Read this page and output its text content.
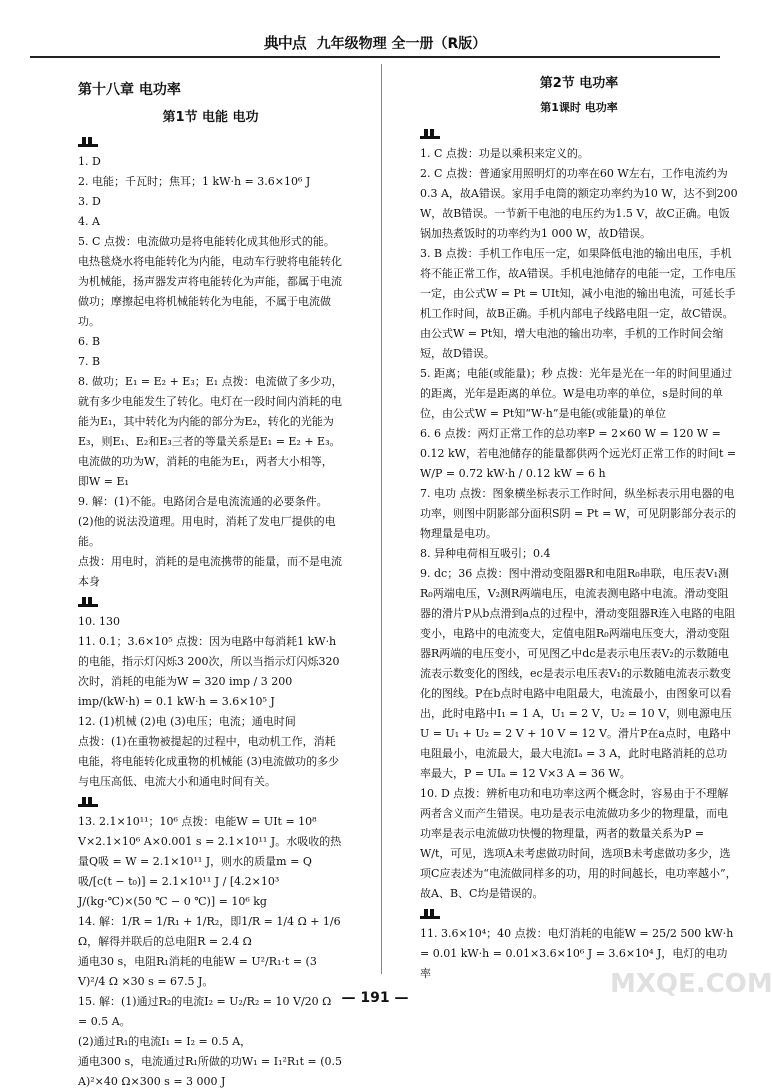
典中点 九年级物理 全一册（R版）
第十八章 电功率
第1节 电能 电功
1. D
2. 电能；千瓦时；焦耳；1 kW·h = 3.6×10⁶ J
3. D
4. A
5. C 点拨：电流做功是将电能转化成其他形式的能。电热毯烧水将电能转化为内能，电动车行驶将电能转化为机械能，扬声器发声将电能转化为声能，都属于电流做功；摩擦起电将机械能转化为电能，不属于电流做功。
6. B
7. B
8. 做功；E₁ = E₂ + E₃；E₁ 点拨：电流做了多少功，就有多少电能发生了转化。电灯在一段时间内消耗的电能为E₁，其中转化为内能的部分为E₂，转化的光能为E₃，则E₁、E₂和E₃三者的等量关系是E₁ = E₂ + E₃。电流做的功为W，消耗的电能为E₁，两者大小相等，即W = E₁
9. 解：(1)不能。电路闭合是电流流通的必要条件。
(2)他的说法没道理。用电时，消耗了发电厂提供的电能。
点拨：用电时，消耗的是电流携带的能量，而不是电流本身
10. 130
11. 0.1；3.6×10⁵ 点拨：因为电路中每消耗1 kW·h的电能，指示灯闪烁3 200次，所以当指示灯闪烁320次时，消耗的电能为W = 320 imp / 3 200 imp/(kW·h) = 0.1 kW·h = 3.6×10⁵ J
12. (1)机械 (2)电 (3)电压；电流；通电时间
点拨：(1)在重物被提起的过程中，电动机工作，消耗电能，将电能转化成重物的机械能 (3)电流做功的多少与电压高低、电流大小和通电时间有关。
13. 2.1×10¹¹；10⁶ 点拨：电能W = UIt = 10⁸ V×2.1×10⁶ A×0.001 s = 2.1×10¹¹ J。水吸收的热量Q吸 = W = 2.1×10¹¹ J，则水的质量m = Q吸/[c(t − t₀)] = 2.1×10¹¹ J / [4.2×10³ J/(kg·℃)×(50 ℃ − 0 ℃)] = 10⁶ kg
14. 解：1/R = 1/R₁ + 1/R₂，即1/R = 1/4 Ω + 1/6 Ω，解得并联后的总电阻R = 2.4 Ω
通电30 s，电阻R₁消耗的电能W = U²/R₁·t = (3 V)²/4 Ω ×30 s = 67.5 J。
15. 解：(1)通过R₂的电流I₂ = U₂/R₂ = 10 V/20 Ω = 0.5 A。
(2)通过R₁的电流I₁ = I₂ = 0.5 A，
通电300 s，电流通过R₁所做的功W₁ = I₁²R₁t = (0.5 A)²×40 Ω×300 s = 3 000 J
第2节 电功率
第1课时 电功率
1. C 点拨：功是以乘积来定义的。
2. C 点拨：普通家用照明灯的功率在60 W左右，工作电流约为0.3 A，故A错误。家用手电筒的额定功率约为10 W，达不到200 W，故B错误。一节新干电池的电压约为1.5 V，故C正确。电饭锅加热煮饭时的功率约为1 000 W，故D错误。
3. B 点拨：手机工作电压一定，如果降低电池的输出电压，手机将不能正常工作，故A错误。手机电池储存的电能一定，工作电压一定，由公式W = Pt = UIt知，减小电池的输出电流，可延长手机工作时间，故B正确。手机内部电子线路电阻一定，故C错误。由公式W = Pt知，增大电池的输出功率，手机的工作时间会缩短，故D错误。
5. 距离；电能(或能量)；秒 点拨：光年是光在一年的时间里通过的距离，光年是距离的单位。W是电功率的单位，s是时间的单位，由公式W = Pt知“W·h”是电能(或能量)的单位
6. 6 点拨：两灯正常工作的总功率P = 2×60 W = 120 W = 0.12 kW，若电池储存的能量都供两个远光灯正常工作的时间t = W/P = 0.72 kW·h / 0.12 kW = 6 h
7. 电功 点拨：图象横坐标表示工作时间，纵坐标表示用电器的电功率，则图中阴影部分面积S阴 = Pt = W，可见阴影部分表示的物理量是电功。
8. 异种电荷相互吸引；0.4
9. dc；36 点拨：图中滑动变阻器R和电阻R₀串联，电压表V₁测R₀两端电压，V₂测R两端电压，电流表测电路中电流。滑动变阻器的滑片P从b点滑到a点的过程中，滑动变阻器R连入电路的电阻变小，电路中的电流变大，定值电阻R₀两端电压变大，滑动变阻器R两端的电压变小，可见图乙中dc是表示电压表V₂的示数随电流表示数变化的图线，ec是表示电压表V₁的示数随电流表示数变化的图线。P在b点时电路中电阻最大，电流最小，由图象可以看出，此时电路中I₁ = 1 A，U₁ = 2 V，U₂ = 10 V，则电源电压U = U₁ + U₂ = 2 V + 10 V = 12 V。滑片P在a点时，电路中电阻最小，电流最大，最大电流Iₐ = 3 A，此时电路消耗的总功率最大，P = UIₐ = 12 V×3 A = 36 W。
10. D 点拨：辨析电功和电功率这两个概念时，容易由于不理解两者含义而产生错误。电功是表示电流做功多少的物理量，而电功率是表示电流做功快慢的物理量，两者的数量关系为P = W/t，可见，选项A未考虑做功时间，选项B未考虑做功多少，选项C应表述为“电流做同样多的功，用的时间越长，电功率越小”，故A、B、C均是错误的。
11. 3.6×10⁴；40 点拨：电灯消耗的电能W = 25/2 500 kW·h = 0.01 kW·h = 0.01×3.6×10⁶ J = 3.6×10⁴ J，电灯的电功率
— 191 —	MXQE.COM
